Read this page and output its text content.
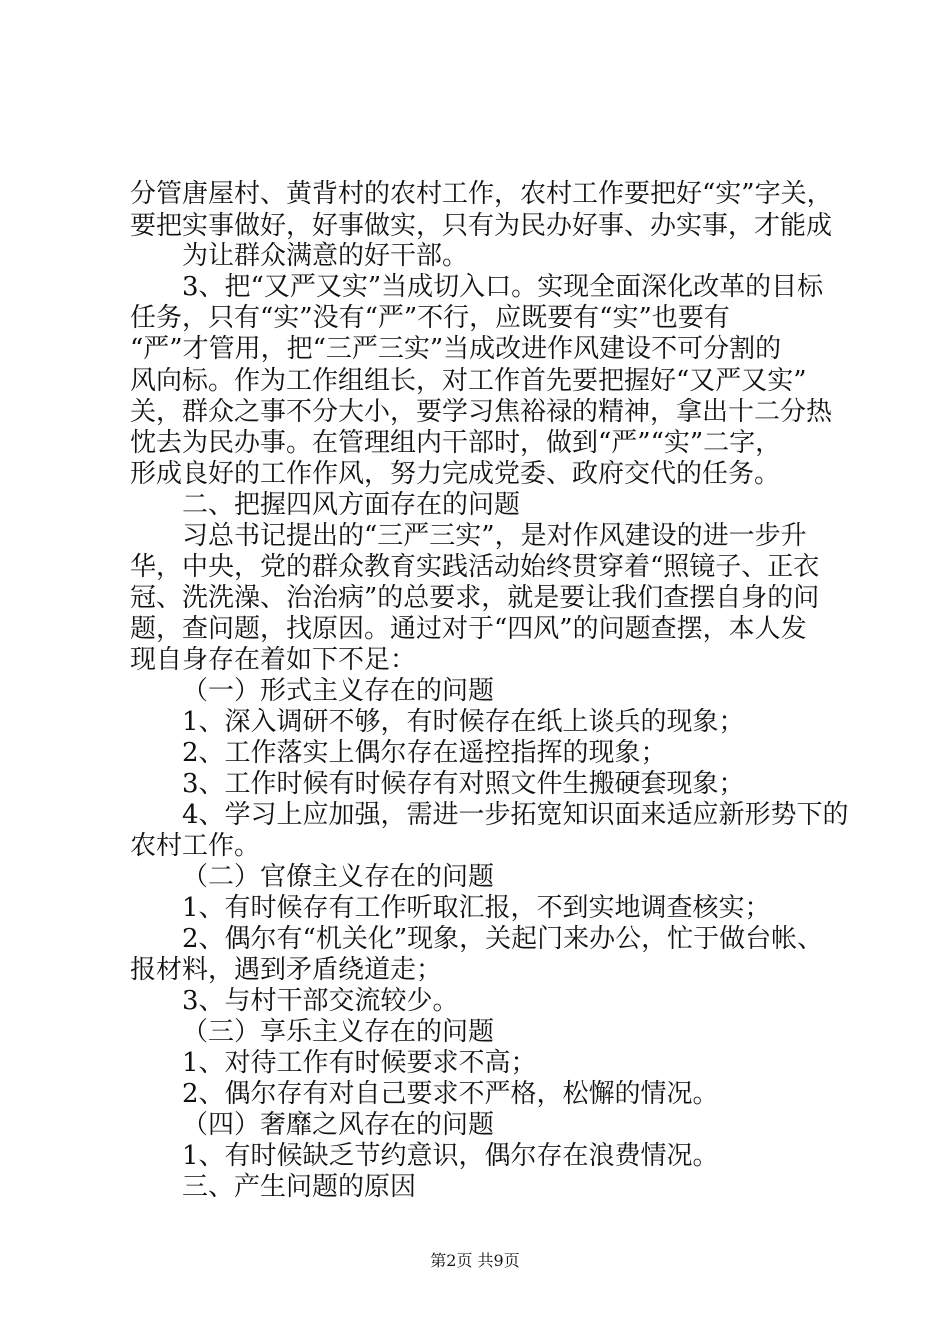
分管唐屋村、黄背村的农村工作，农村工作要把好“实”字关，
要把实事做好，好事做实，只有为民办好事、办实事，才能成
为让群众满意的好干部。
3、把“又严又实”当成切入口。实现全面深化改革的目标
任务，只有“实”没有“严”不行，应既要有“实”也要有
“严”才管用，把“三严三实”当成改进作风建设不可分割的
风向标。作为工作组组长，对工作首先要把握好“又严又实”
关，群众之事不分大小，要学习焦裕禄的精神，拿出十二分热
忱去为民办事。在管理组内干部时，做到“严”“实”二字，
形成良好的工作作风，努力完成党委、政府交代的任务。
二、把握四风方面存在的问题
习总书记提出的“三严三实”，是对作风建设的进一步升
华，中央，党的群众教育实践活动始终贯穿着“照镜子、正衣
冠、洗洗澡、治治病”的总要求，就是要让我们查摆自身的问
题，查问题，找原因。通过对于“四风”的问题查摆，本人发
现自身存在着如下不足：
（一）形式主义存在的问题
1、深入调研不够，有时候存在纸上谈兵的现象；
2、工作落实上偶尔存在遥控指挥的现象；
3、工作时候有时候存有对照文件生搬硬套现象；
4、学习上应加强，需进一步拓宽知识面来适应新形势下的
农村工作。
（二）官僚主义存在的问题
1、有时候存有工作听取汇报，不到实地调查核实；
2、偶尔有“机关化”现象，关起门来办公，忙于做台帐、
报材料，遇到矛盾绕道走；
3、与村干部交流较少。
（三）享乐主义存在的问题
1、对待工作有时候要求不高；
2、偶尔存有对自己要求不严格，松懈的情况。
（四）奢靡之风存在的问题
1、有时候缺乏节约意识，偶尔存在浪费情况。
三、产生问题的原因
第2页 共9页
